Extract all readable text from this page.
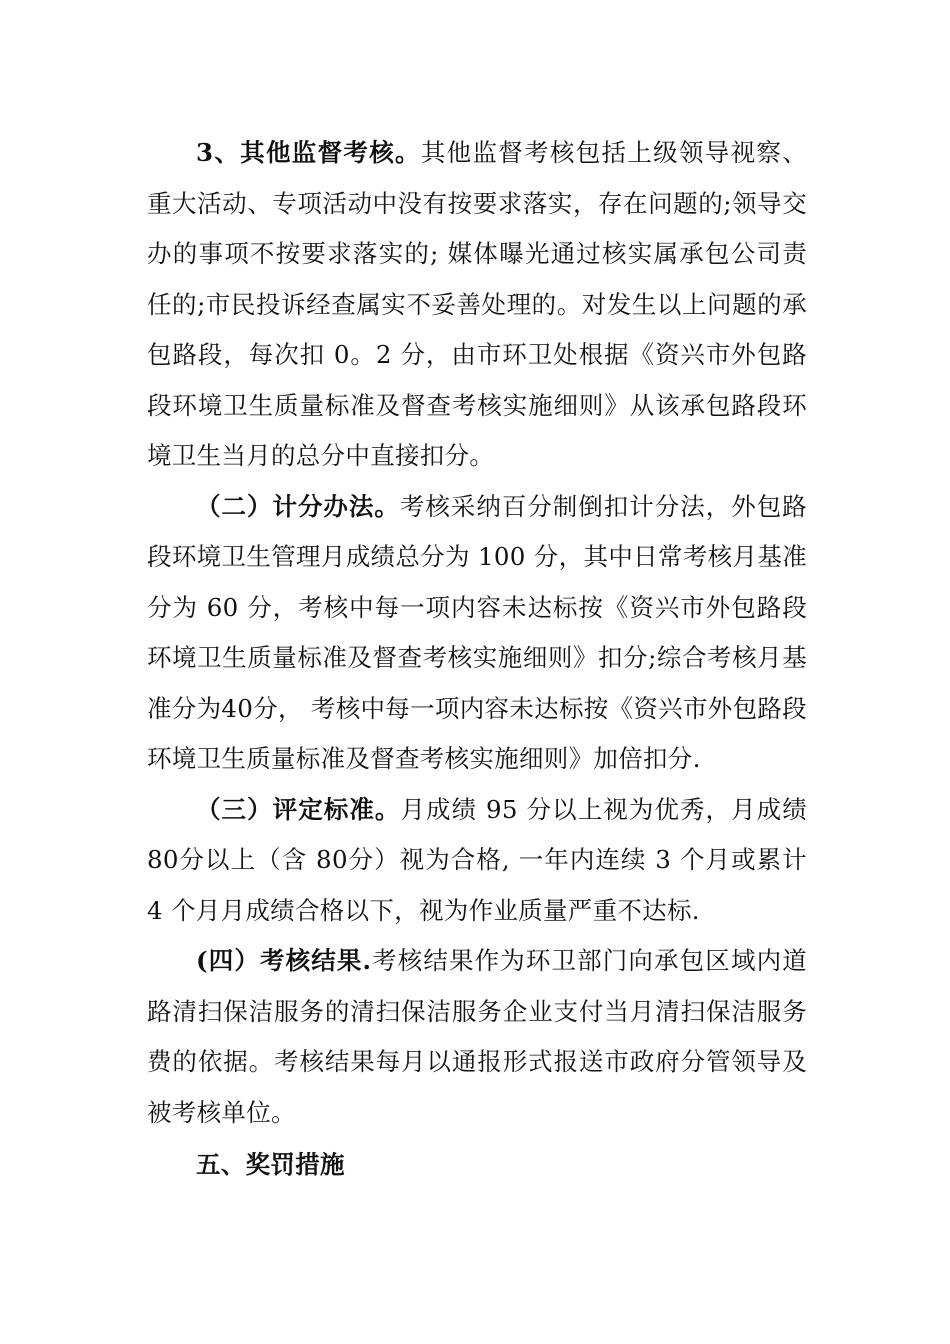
3、其他监督考核。其他监督考核包括上级领导视察、重大活动、专项活动中没有按要求落实，存在问题的;领导交办的事项不按要求落实的; 媒体曝光通过核实属承包公司责任的;市民投诉经查属实不妥善处理的。对发生以上问题的承包路段，每次扣 0。2 分，由市环卫处根据《资兴市外包路段环境卫生质量标准及督查考核实施细则》从该承包路段环境卫生当月的总分中直接扣分。

（二）计分办法。考核采纳百分制倒扣计分法，外包路段环境卫生管理月成绩总分为 100 分，其中日常考核月基准分为 60 分，考核中每一项内容未达标按《资兴市外包路段环境卫生质量标准及督查考核实施细则》扣分;综合考核月基准分为40分， 考核中每一项内容未达标按《资兴市外包路段环境卫生质量标准及督查考核实施细则》加倍扣分.

（三）评定标准。月成绩 95 分以上视为优秀，月成绩 80分以上（含 80分）视为合格, 一年内连续 3 个月或累计 4 个月月成绩合格以下，视为作业质量严重不达标.

(四）考核结果.考核结果作为环卫部门向承包区域内道路清扫保洁服务的清扫保洁服务企业支付当月清扫保洁服务费的依据。考核结果每月以通报形式报送市政府分管领导及被考核单位。

五、奖罚措施
